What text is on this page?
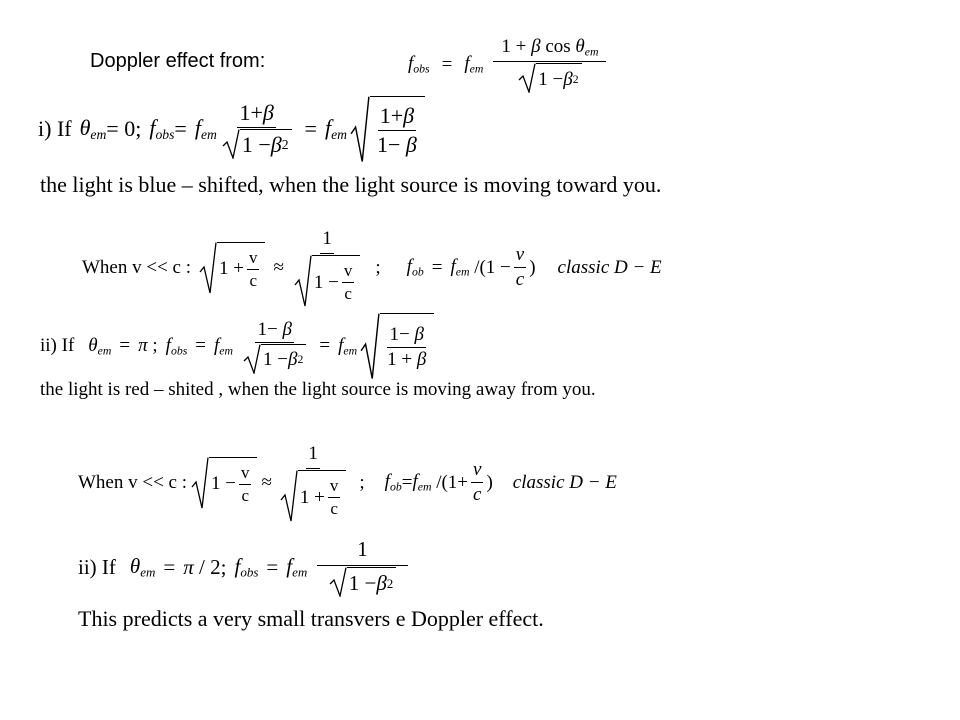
Doppler effect from:	$f_{obs} = f_{em} \frac{1 + \beta \cos \theta_{em}}{1 - \beta 2}$
i) If $\theta_{em} = 0$; $f_{obs} = f_{em} \frac{1+\beta}{1 - \beta 2} = f_{em} \frac{1+\beta}{1- \beta}$
the light is blue – shifted, when the light source is moving toward you.
When v << c : $1 + \frac{v}{c} \approx \frac{1}{1 - \frac{v}{c}}$ ; $f_{ob} = f_{em}$ $/(1 - \frac{v}{c}$ ) classic D − E
ii) If $\theta_{em} = \pi$ ; $f_{obs} = f_{em} \frac{1- \beta}{1 - \beta 2} = f_{em} \frac{1- \beta}{1 + \beta}$
the light is red – shited , when the light source is moving away from you.
When v << c : $1 - \frac{v}{c} \approx \frac{1}{1 + \frac{v}{c}}$ ; $f_{ob} = f_{em}$ $/(1+ \frac{v}{c}$ ) classic D − E
ii) If $\theta_{em} = \pi / 2$; $f_{obs} = f_{em} \frac{1}{1 - \beta 2}$
This predicts a very small transvers e Doppler effect.
